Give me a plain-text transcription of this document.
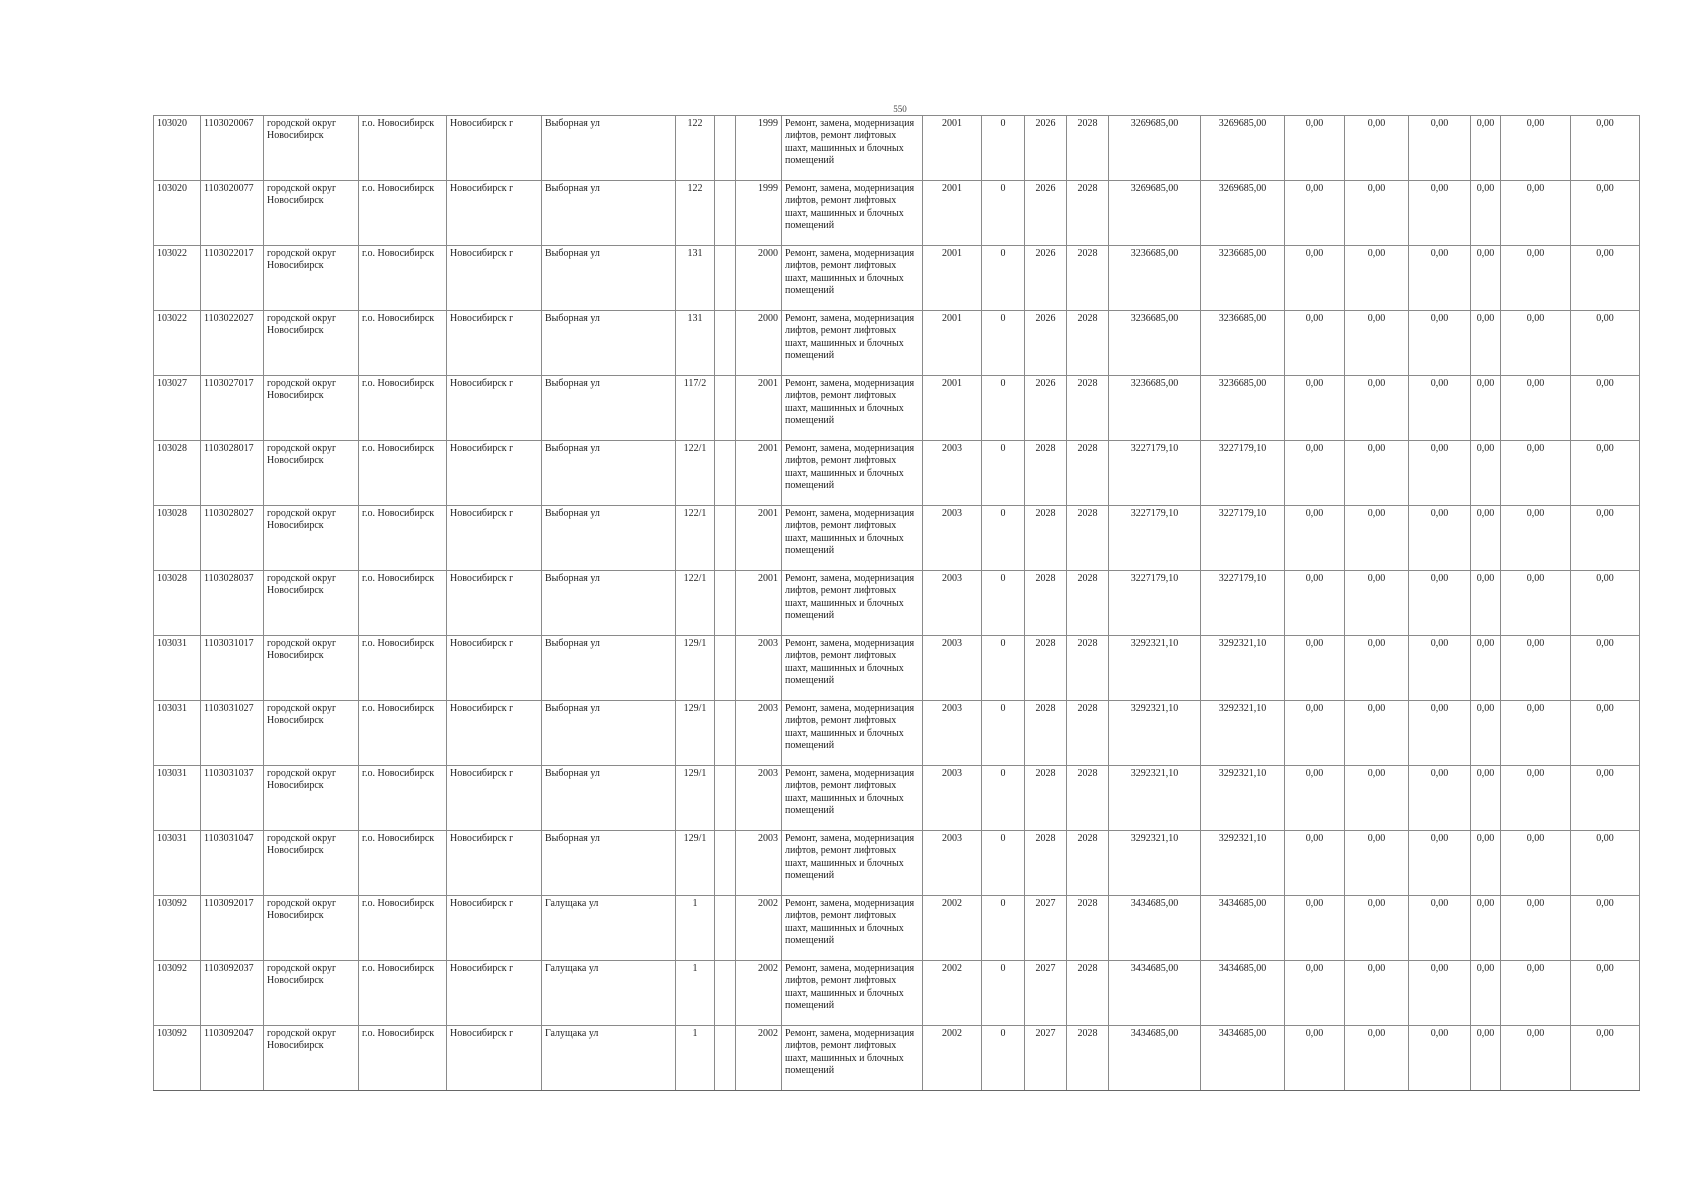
550
103020	1103020067	городской округ Новосибирск	г.о. Новосибирск	Новосибирск г	Выборная ул	122		1999	Ремонт, замена, модернизация лифтов, ремонт лифтовых шахт, машинных и блочных помещений	2001	0	2026	2028	3269685,00	3269685,00	0,00	0,00	0,00	0,00	0,00	0,00
103020	1103020077	городской округ Новосибирск	г.о. Новосибирск	Новосибирск г	Выборная ул	122		1999	Ремонт, замена, модернизация лифтов, ремонт лифтовых шахт, машинных и блочных помещений	2001	0	2026	2028	3269685,00	3269685,00	0,00	0,00	0,00	0,00	0,00	0,00
103022	1103022017	городской округ Новосибирск	г.о. Новосибирск	Новосибирск г	Выборная ул	131		2000	Ремонт, замена, модернизация лифтов, ремонт лифтовых шахт, машинных и блочных помещений	2001	0	2026	2028	3236685,00	3236685,00	0,00	0,00	0,00	0,00	0,00	0,00
103022	1103022027	городской округ Новосибирск	г.о. Новосибирск	Новосибирск г	Выборная ул	131		2000	Ремонт, замена, модернизация лифтов, ремонт лифтовых шахт, машинных и блочных помещений	2001	0	2026	2028	3236685,00	3236685,00	0,00	0,00	0,00	0,00	0,00	0,00
103027	1103027017	городской округ Новосибирск	г.о. Новосибирск	Новосибирск г	Выборная ул	117/2		2001	Ремонт, замена, модернизация лифтов, ремонт лифтовых шахт, машинных и блочных помещений	2001	0	2026	2028	3236685,00	3236685,00	0,00	0,00	0,00	0,00	0,00	0,00
103028	1103028017	городской округ Новосибирск	г.о. Новосибирск	Новосибирск г	Выборная ул	122/1		2001	Ремонт, замена, модернизация лифтов, ремонт лифтовых шахт, машинных и блочных помещений	2003	0	2028	2028	3227179,10	3227179,10	0,00	0,00	0,00	0,00	0,00	0,00
103028	1103028027	городской округ Новосибирск	г.о. Новосибирск	Новосибирск г	Выборная ул	122/1		2001	Ремонт, замена, модернизация лифтов, ремонт лифтовых шахт, машинных и блочных помещений	2003	0	2028	2028	3227179,10	3227179,10	0,00	0,00	0,00	0,00	0,00	0,00
103028	1103028037	городской округ Новосибирск	г.о. Новосибирск	Новосибирск г	Выборная ул	122/1		2001	Ремонт, замена, модернизация лифтов, ремонт лифтовых шахт, машинных и блочных помещений	2003	0	2028	2028	3227179,10	3227179,10	0,00	0,00	0,00	0,00	0,00	0,00
103031	1103031017	городской округ Новосибирск	г.о. Новосибирск	Новосибирск г	Выборная ул	129/1		2003	Ремонт, замена, модернизация лифтов, ремонт лифтовых шахт, машинных и блочных помещений	2003	0	2028	2028	3292321,10	3292321,10	0,00	0,00	0,00	0,00	0,00	0,00
103031	1103031027	городской округ Новосибирск	г.о. Новосибирск	Новосибирск г	Выборная ул	129/1		2003	Ремонт, замена, модернизация лифтов, ремонт лифтовых шахт, машинных и блочных помещений	2003	0	2028	2028	3292321,10	3292321,10	0,00	0,00	0,00	0,00	0,00	0,00
103031	1103031037	городской округ Новосибирск	г.о. Новосибирск	Новосибирск г	Выборная ул	129/1		2003	Ремонт, замена, модернизация лифтов, ремонт лифтовых шахт, машинных и блочных помещений	2003	0	2028	2028	3292321,10	3292321,10	0,00	0,00	0,00	0,00	0,00	0,00
103031	1103031047	городской округ Новосибирск	г.о. Новосибирск	Новосибирск г	Выборная ул	129/1		2003	Ремонт, замена, модернизация лифтов, ремонт лифтовых шахт, машинных и блочных помещений	2003	0	2028	2028	3292321,10	3292321,10	0,00	0,00	0,00	0,00	0,00	0,00
103092	1103092017	городской округ Новосибирск	г.о. Новосибирск	Новосибирск г	Галущака ул	1		2002	Ремонт, замена, модернизация лифтов, ремонт лифтовых шахт, машинных и блочных помещений	2002	0	2027	2028	3434685,00	3434685,00	0,00	0,00	0,00	0,00	0,00	0,00
103092	1103092037	городской округ Новосибирск	г.о. Новосибирск	Новосибирск г	Галущака ул	1		2002	Ремонт, замена, модернизация лифтов, ремонт лифтовых шахт, машинных и блочных помещений	2002	0	2027	2028	3434685,00	3434685,00	0,00	0,00	0,00	0,00	0,00	0,00
103092	1103092047	городской округ Новосибирск	г.о. Новосибирск	Новосибирск г	Галущака ул	1		2002	Ремонт, замена, модернизация лифтов, ремонт лифтовых шахт, машинных и блочных помещений	2002	0	2027	2028	3434685,00	3434685,00	0,00	0,00	0,00	0,00	0,00	0,00
